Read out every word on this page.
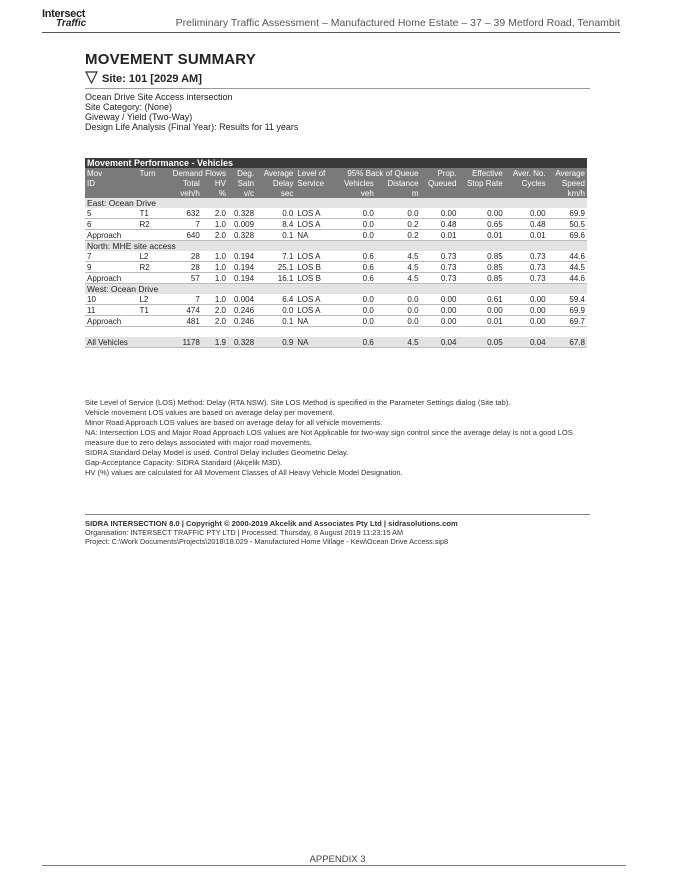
Intersect
Traffic	Preliminary Traffic Assessment – Manufactured Home Estate – 37 – 39 Metford Road, Tenambit
MOVEMENT SUMMARY
Site: 101 [2029 AM]
Ocean Drive Site Access intersection
Site Category: (None)
Giveway / Yield (Two-Way)
Design Life Analysis (Final Year): Results for 11 years
Movement Performance - Vehicles												
Mov	Turn	Demand Flows		Deg.	Average	Level of	95% Back of Queue		Prop.	Effective	Aver. No.	Average
ID		Total	HV	Satn	Delay	Service	Vehicles	Distance	Queued	Stop Rate	Cycles	Speed
		veh/h	%	v/c	sec		veh	m				km/h
East: Ocean Drive												
5	T1	632	2.0	0.328	0.0	LOS A	0.0	0.0	0.00	0.00	0.00	69.9
6	R2	7	1.0	0.009	8.4	LOS A	0.0	0.2	0.48	0.65	0.48	50.5
Approach		640	2.0	0.328	0.1	NA	0.0	0.2	0.01	0.01	0.01	69.6
North: MHE site access												
7	L2	28	1.0	0.194	7.1	LOS A	0.6	4.5	0.73	0.85	0.73	44.6
9	R2	28	1.0	0.194	25.1	LOS B	0.6	4.5	0.73	0.85	0.73	44.5
Approach		57	1.0	0.194	16.1	LOS B	0.6	4.5	0.73	0.85	0.73	44.6
West: Ocean Drive												
10	L2	7	1.0	0.004	6.4	LOS A	0.0	0.0	0.00	0.61	0.00	59.4
11	T1	474	2.0	0.246	0.0	LOS A	0.0	0.0	0.00	0.00	0.00	69.9
Approach		481	2.0	0.246	0.1	NA	0.0	0.0	0.00	0.01	0.00	69.7

All Vehicles		1178	1.9	0.328	0.9	NA	0.6	4.5	0.04	0.05	0.04	67.8
Site Level of Service (LOS) Method: Delay (RTA NSW). Site LOS Method is specified in the Parameter Settings dialog (Site tab).
Vehicle movement LOS values are based on average delay per movement.
Minor Road Approach LOS values are based on average delay for all vehicle movements.
NA: Intersection LOS and Major Road Approach LOS values are Not Applicable for two-way sign control since the average delay is not a good LOS measure due to zero delays associated with major road movements.
SIDRA Standard Delay Model is used. Control Delay includes Geometric Delay.
Gap-Acceptance Capacity: SIDRA Standard (Akçelik M3D).
HV (%) values are calculated for All Movement Classes of All Heavy Vehicle Model Designation.
SIDRA INTERSECTION 8.0 | Copyright © 2000-2019 Akcelik and Associates Pty Ltd | sidrasolutions.com
Organisation: INTERSECT TRAFFIC PTY LTD | Processed: Thursday, 8 August 2019 11:23:15 AM
Project: C:\Work Documents\Projects\2018\18.029 - Manufactured Home Village - Kew\Ocean Drive Access.sip8
APPENDIX 3
